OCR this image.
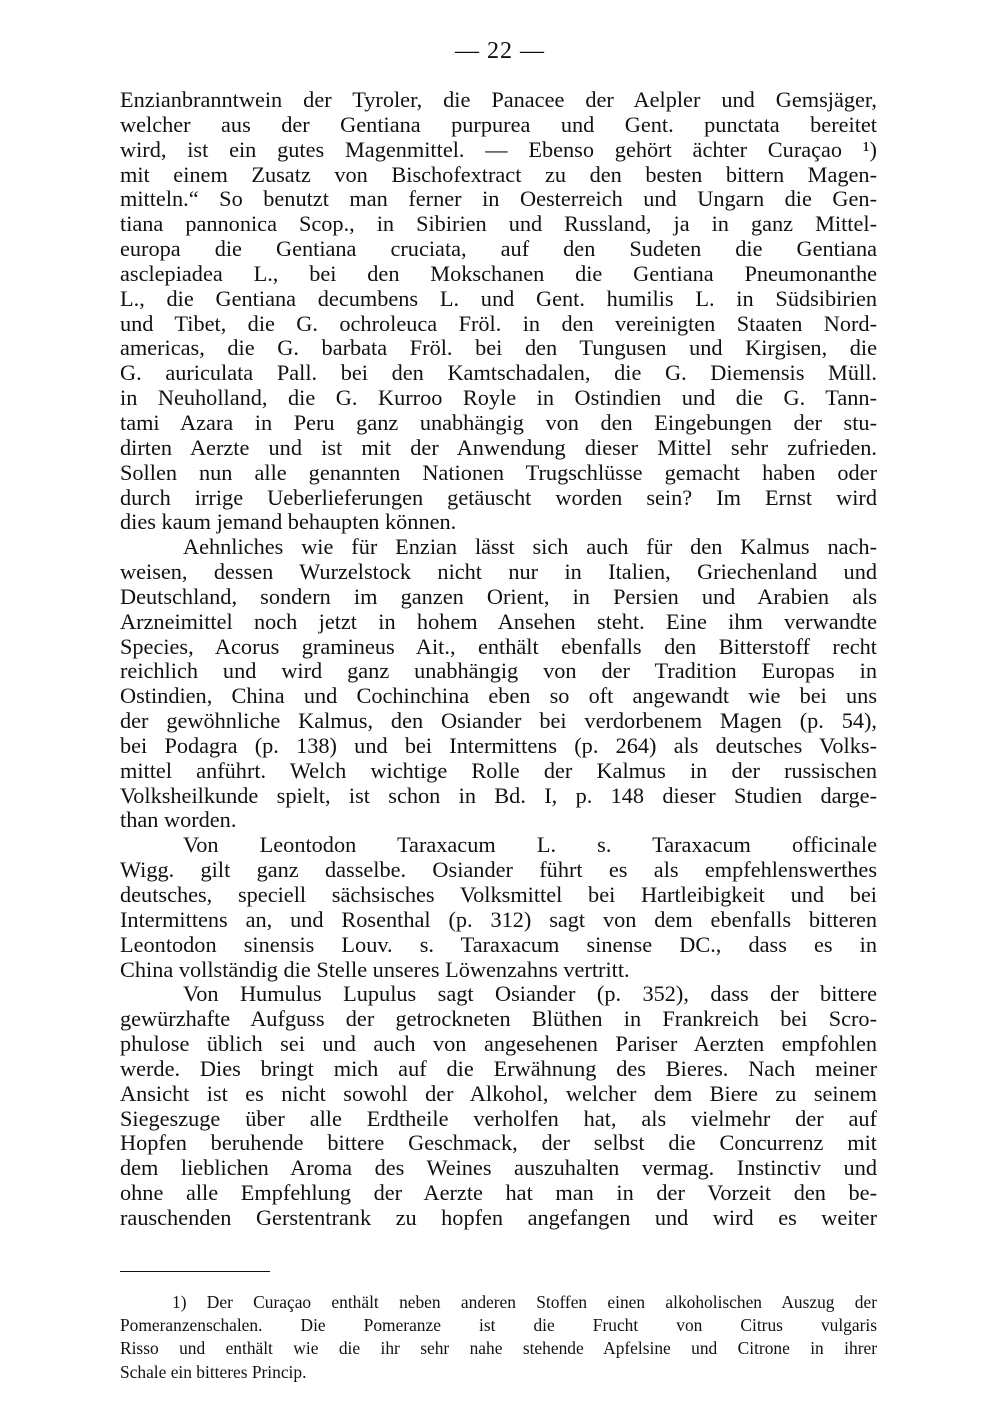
— 22 —
Enzianbranntwein der Tyroler, die Panacee der Aelpler und Gemsjäger,
welcher aus der Gentiana purpurea und Gent. punctata bereitet
wird, ist ein gutes Magenmittel. — Ebenso gehört ächter Curaçao ¹)
mit einem Zusatz von Bischofextract zu den besten bittern Magen-
mitteln.“ So benutzt man ferner in Oesterreich und Ungarn die Gen-
tiana pannonica Scop., in Sibirien und Russland, ja in ganz Mittel-
europa die Gentiana cruciata, auf den Sudeten die Gentiana
asclepiadea L., bei den Mokschanen die Gentiana Pneumonanthe
L., die Gentiana decumbens L. und Gent. humilis L. in Südsibirien
und Tibet, die G. ochroleuca Fröl. in den vereinigten Staaten Nord-
americas, die G. barbata Fröl. bei den Tungusen und Kirgisen, die
G. auriculata Pall. bei den Kamtschadalen, die G. Diemensis Müll.
in Neuholland, die G. Kurroo Royle in Ostindien und die G. Tann-
tami Azara in Peru ganz unabhängig von den Eingebungen der stu-
dirten Aerzte und ist mit der Anwendung dieser Mittel sehr zufrieden.
Sollen nun alle genannten Nationen Trugschlüsse gemacht haben oder
durch irrige Ueberlieferungen getäuscht worden sein? Im Ernst wird
dies kaum jemand behaupten können.
Aehnliches wie für Enzian lässt sich auch für den Kalmus nach-
weisen, dessen Wurzelstock nicht nur in Italien, Griechenland und
Deutschland, sondern im ganzen Orient, in Persien und Arabien als
Arzneimittel noch jetzt in hohem Ansehen steht. Eine ihm verwandte
Species, Acorus gramineus Ait., enthält ebenfalls den Bitterstoff recht
reichlich und wird ganz unabhängig von der Tradition Europas in
Ostindien, China und Cochinchina eben so oft angewandt wie bei uns
der gewöhnliche Kalmus, den Osiander bei verdorbenem Magen (p. 54),
bei Podagra (p. 138) und bei Intermittens (p. 264) als deutsches Volks-
mittel anführt. Welch wichtige Rolle der Kalmus in der russischen
Volksheilkunde spielt, ist schon in Bd. I, p. 148 dieser Studien darge-
than worden.
Von Leontodon Taraxacum L. s. Taraxacum officinale
Wigg. gilt ganz dasselbe. Osiander führt es als empfehlenswerthes
deutsches, speciell sächsisches Volksmittel bei Hartleibigkeit und bei
Intermittens an, und Rosenthal (p. 312) sagt von dem ebenfalls bitteren
Leontodon sinensis Louv. s. Taraxacum sinense DC., dass es in
China vollständig die Stelle unseres Löwenzahns vertritt.
Von Humulus Lupulus sagt Osiander (p. 352), dass der bittere
gewürzhafte Aufguss der getrockneten Blüthen in Frankreich bei Scro-
phulose üblich sei und auch von angesehenen Pariser Aerzten empfohlen
werde. Dies bringt mich auf die Erwähnung des Bieres. Nach meiner
Ansicht ist es nicht sowohl der Alkohol, welcher dem Biere zu seinem
Siegeszuge über alle Erdtheile verholfen hat, als vielmehr der auf
Hopfen beruhende bittere Geschmack, der selbst die Concurrenz mit
dem lieblichen Aroma des Weines auszuhalten vermag. Instinctiv und
ohne alle Empfehlung der Aerzte hat man in der Vorzeit den be-
rauschenden Gerstentrank zu hopfen angefangen und wird es weiter
1) Der Curaçao enthält neben anderen Stoffen einen alkoholischen Auszug der
Pomeranzenschalen. Die Pomeranze ist die Frucht von Citrus vulgaris
Risso und enthält wie die ihr sehr nahe stehende Apfelsine und Citrone in ihrer
Schale ein bitteres Princip.
